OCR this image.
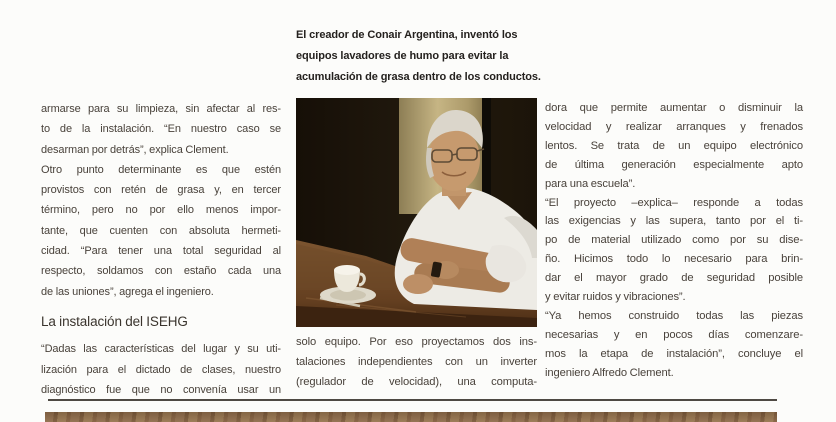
El creador de Conair Argentina, inventó los
equipos lavadores de humo para evitar la
acumulación de grasa dentro de los conductos.
armarse para su limpieza, sin afectar al res-
to de la instalación. “En nuestro caso se
desarman por detrás”, explica Clement.
Otro punto determinante es que estén
provistos con retén de grasa y, en tercer
término, pero no por ello menos impor-
tante, que cuenten con absoluta hermeti-
cidad. “Para tener una total seguridad al
respecto, soldamos con estaño cada una
de las uniones”, agrega el ingeniero.
La instalación del ISEHG
“Dadas las características del lugar y su uti-
lización para el dictado de clases, nuestro
diagnóstico fue que no convenía usar un
solo equipo. Por eso proyectamos dos ins-
talaciones independientes con un inverter
(regulador de velocidad), una computa-
dora que permite aumentar o disminuir la
velocidad y realizar arranques y frenados
lentos. Se trata de un equipo electrónico
de última generación especialmente apto
para una escuela”.
“El proyecto –explica– responde a todas
las exigencias y las supera, tanto por el ti-
po de material utilizado como por su dise-
ño. Hicimos todo lo necesario para brin-
dar el mayor grado de seguridad posible
y evitar ruidos y vibraciones”.
“Ya hemos construido todas las piezas
necesarias y en pocos días comenzare-
mos la etapa de instalación”, concluye el
ingeniero Alfredo Clement.
